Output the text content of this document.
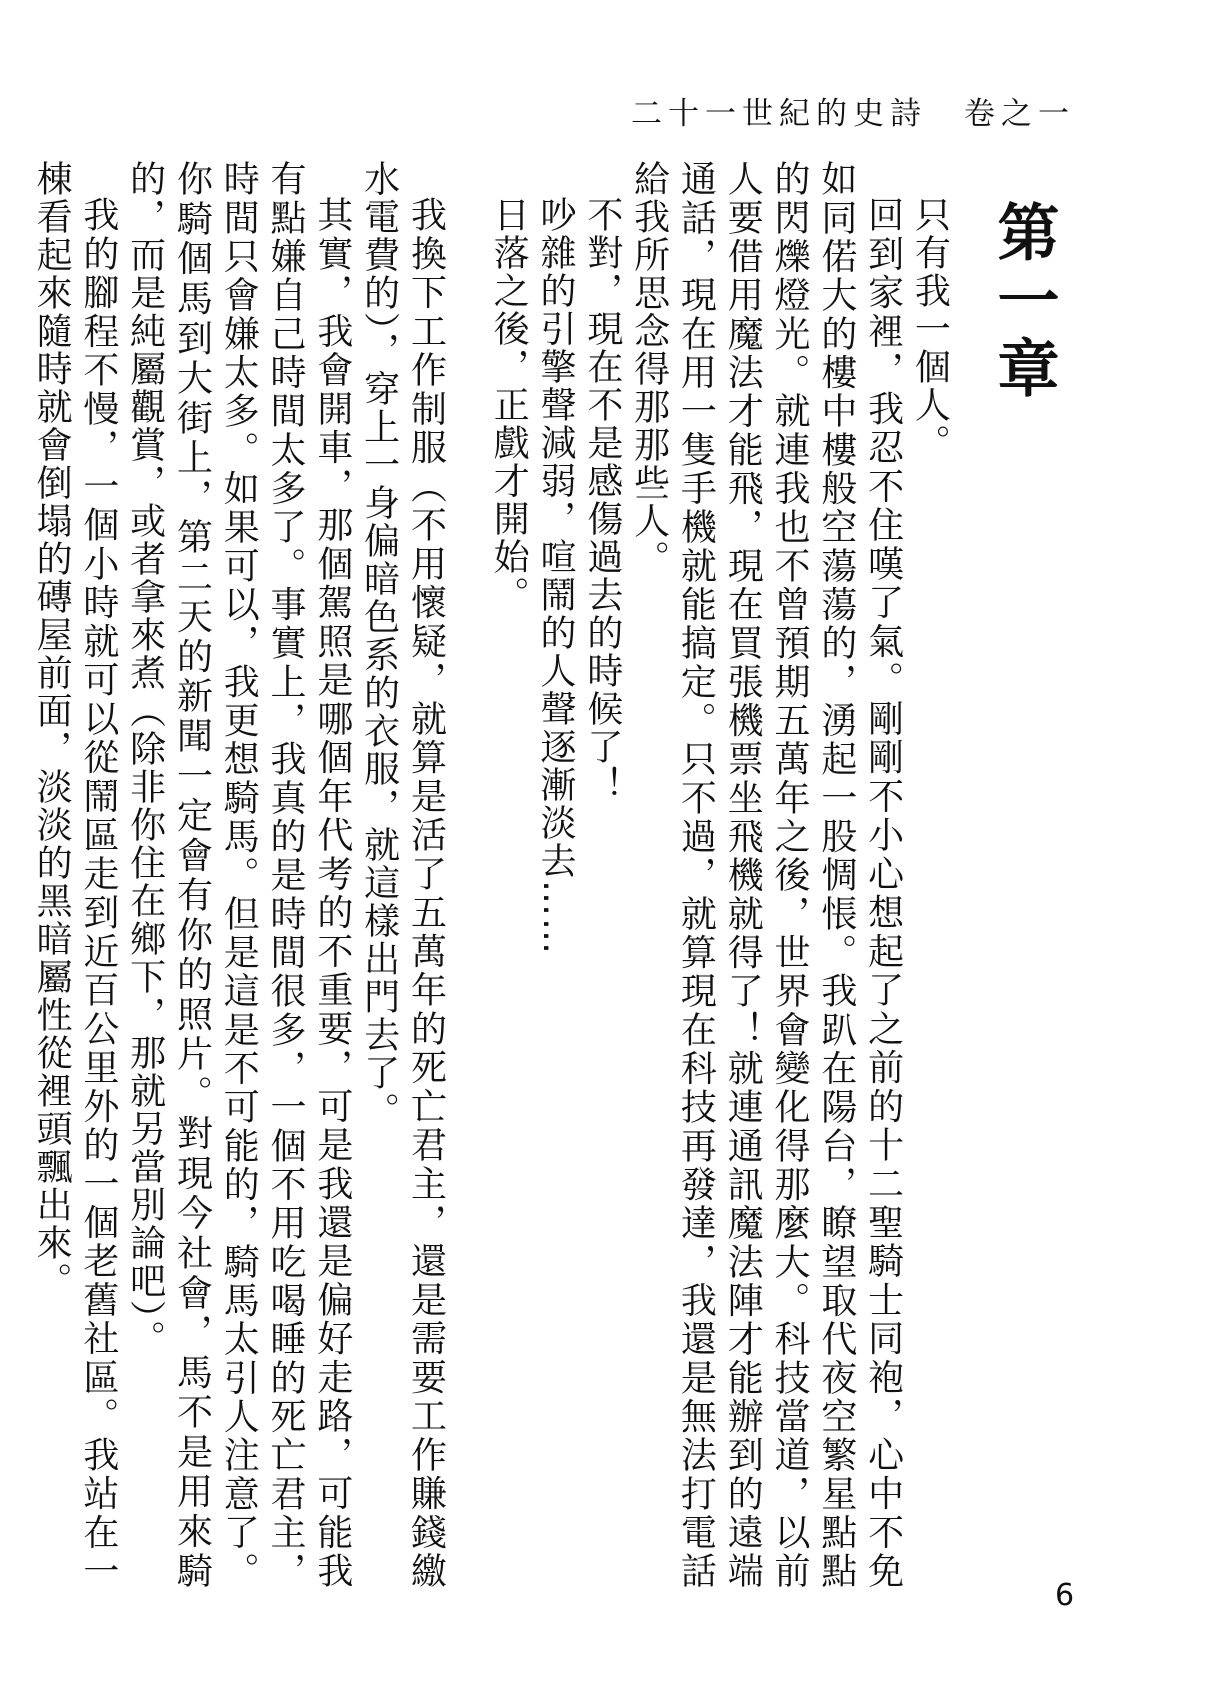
二十一世紀的史詩　卷之一
第一章

只有我一個人。

回到家裡，我忍不住嘆了氣。剛剛不小心想起了之前的十二聖騎士同袍，心中不免如同偌大的樓中樓般空蕩蕩的，湧起一股惆悵。我趴在陽台，瞭望取代夜空繁星點點的閃爍燈光。就連我也不曾預期五萬年之後，世界會變化得那麼大。科技當道，以前人要借用魔法才能飛，現在買張機票坐飛機就得了！就連通訊魔法陣才能辦到的遠端通話，現在用一隻手機就能搞定。只不過，就算現在科技再發達，我還是無法打電話給我所思念得那那些人。

不對，現在不是感傷過去的時候了！

吵雜的引擎聲減弱，喧鬧的人聲逐漸淡去……

日落之後，正戲才開始。

我換下工作制服（不用懷疑，就算是活了五萬年的死亡君主，還是需要工作賺錢繳水電費的），穿上一身偏暗色系的衣服，就這樣出門去了。

其實，我會開車，那個駕照是哪個年代考的不重要，可是我還是偏好走路，可能我有點嫌自己時間太多了。事實上，我真的是時間很多，一個不用吃喝睡的死亡君主，時間只會嫌太多。如果可以，我更想騎馬。但是這是不可能的，騎馬太引人注意了。你騎個馬到大街上，第二天的新聞一定會有你的照片。對現今社會，馬不是用來騎的，而是純屬觀賞，或者拿來煮（除非你住在鄉下，那就另當別論吧）。

我的腳程不慢，一個小時就可以從鬧區走到近百公里外的一個老舊社區。我站在一棟看起來隨時就會倒塌的磚屋前面，淡淡的黑暗屬性從裡頭飄出來。

6
